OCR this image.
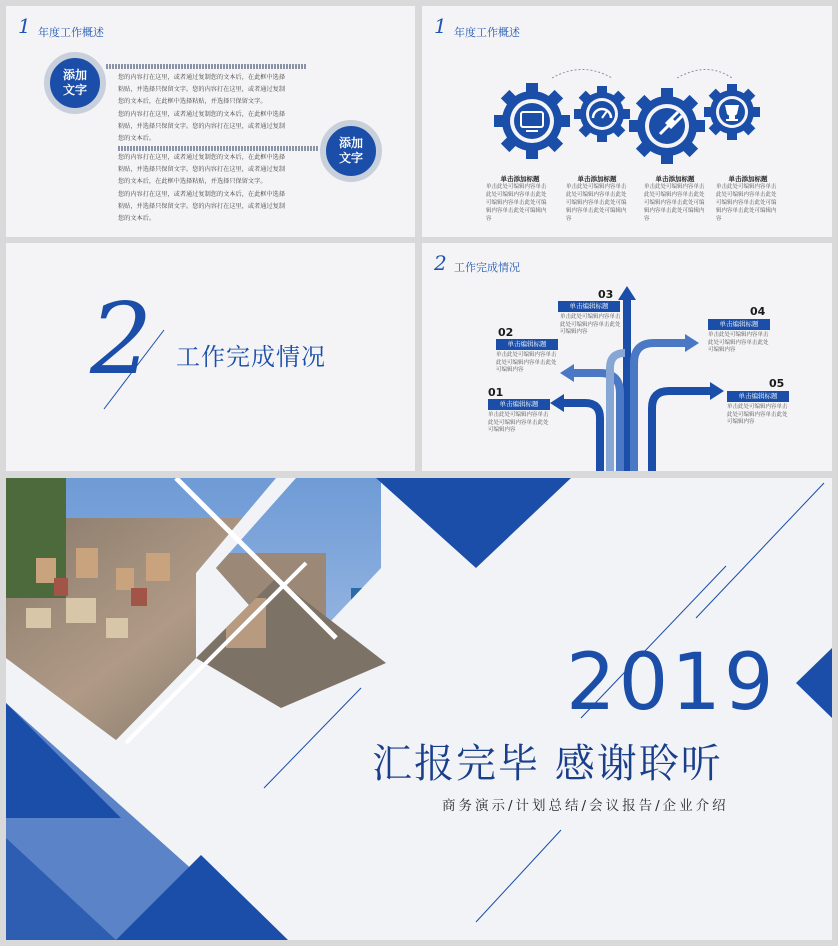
1 年度工作概述
添加文字
您的内容打在这里，或者通过复制您的文本后，在此框中选择
粘贴，并选择只保留文字。您的内容打在这里，或者通过复制
您的文本后，在此框中选择粘贴，并选择只保留文字。
您的内容打在这里，或者通过复制您的文本后，在此框中选择
粘贴，并选择只保留文字。您的内容打在这里，或者通过复制
您的文本后。	添加文字
您的内容打在这里，或者通过复制您的文本后，在此框中选择
粘贴，并选择只保留文字。您的内容打在这里，或者通过复制
您的文本后，在此框中选择粘贴，并选择只保留文字。
您的内容打在这里，或者通过复制您的文本后，在此框中选择
粘贴，并选择只保留文字。您的内容打在这里，或者通过复制
您的文本后。
1 年度工作概述
单击添加标题
单击此处可编辑内容单击此处可编辑内容单击此处可编辑内容单击此处可编辑内容单击此处可编辑内容
单击添加标题
单击此处可编辑内容单击此处可编辑内容单击此处可编辑内容单击此处可编辑内容单击此处可编辑内容
单击添加标题
单击此处可编辑内容单击此处可编辑内容单击此处可编辑内容单击此处可编辑内容单击此处可编辑内容
单击添加标题
单击此处可编辑内容单击此处可编辑内容单击此处可编辑内容单击此处可编辑内容单击此处可编辑内容
2 工作完成情况
2 工作完成情况
01
单击编辑标题
单击此处可编辑内容单击此处可编辑内容单击此处可编辑内容
02
单击编辑标题
单击此处可编辑内容单击此处可编辑内容单击此处可编辑内容
03
单击编辑标题
单击此处可编辑内容单击此处可编辑内容单击此处可编辑内容
04
单击编辑标题
单击此处可编辑内容单击此处可编辑内容单击此处可编辑内容
05
单击编辑标题
单击此处可编辑内容单击此处可编辑内容单击此处可编辑内容
2019
汇报完毕 感谢聆听
商务演示/计划总结/会议报告/企业介绍
